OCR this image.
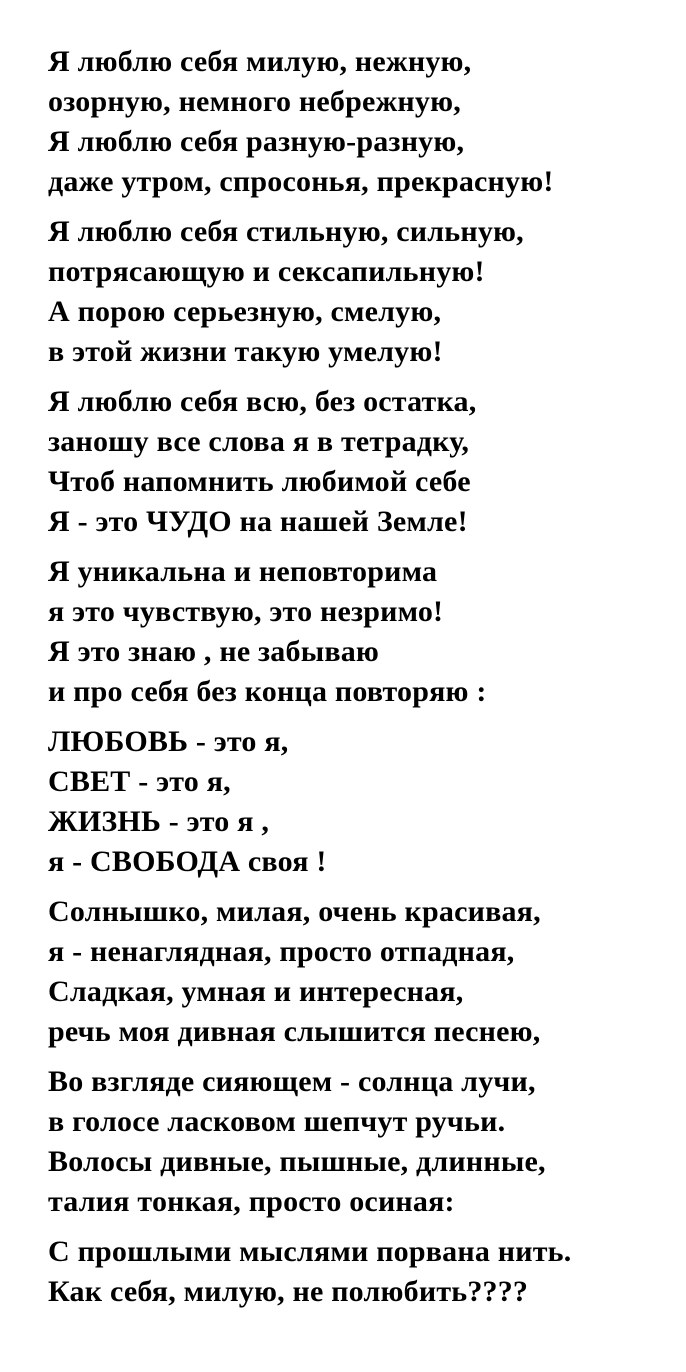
Я люблю себя милую, нежную,
озорную, немного небрежную,
Я люблю себя разную-разную,
даже утром, спросонья, прекрасную!
Я люблю себя стильную, сильную,
потрясающую и сексапильную!
А порою серьезную, смелую,
в этой жизни такую умелую!
Я люблю себя всю, без остатка,
заношу все слова я в тетрадку,
Чтоб напомнить любимой себе
Я - это ЧУДО на нашей Земле!
Я уникальна и неповторима
я это чувствую, это незримо!
Я это знаю , не забываю
и про себя без конца повторяю :
ЛЮБОВЬ - это я,
СВЕТ - это я,
ЖИЗНЬ - это я ,
я - СВОБОДА своя !
Солнышко, милая, очень красивая,
я - ненаглядная, просто отпадная,
Сладкая, умная и интересная,
речь моя дивная слышится песнею,
Во взгляде сияющем - солнца лучи,
в голосе ласковом шепчут ручьи.
Волосы дивные, пышные, длинные,
талия тонкая, просто осиная:
С прошлыми мыслями порвана нить.
Как себя, милую, не полюбить????
